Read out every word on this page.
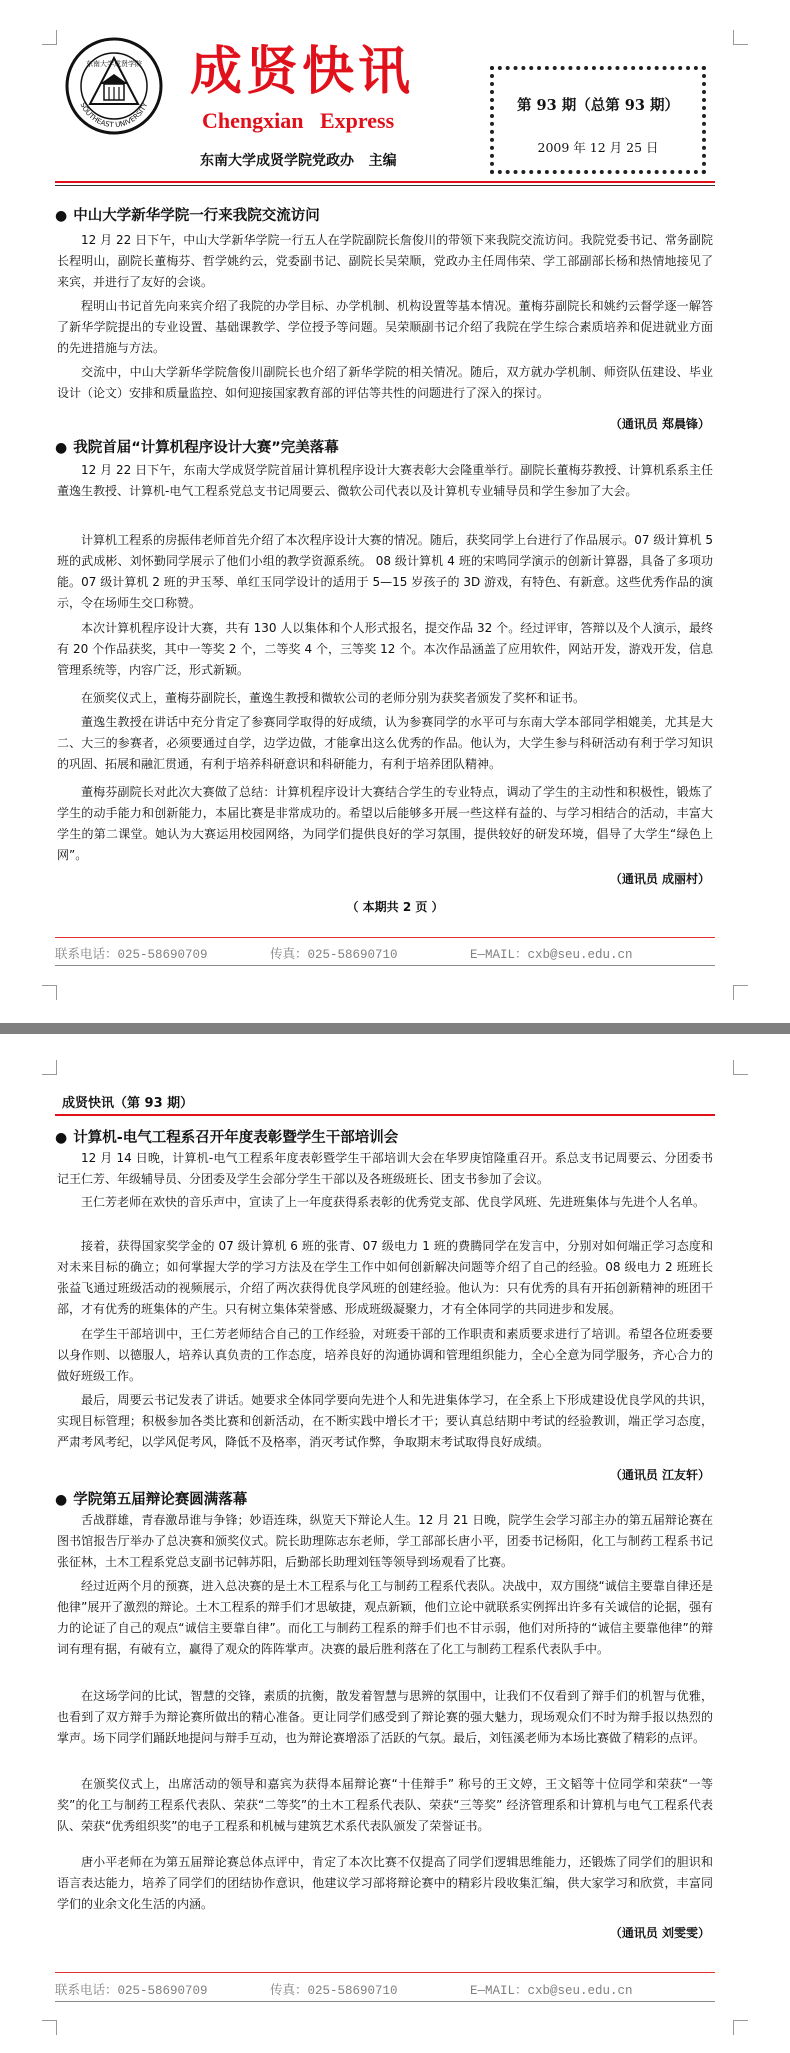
SOUTHEAST UNIVERSITY
东南大学成贤学院 成贤快讯
Chengxian   Express
东南大学成贤学院党政办   主编
第 93 期（总第 93 期）
2009 年 12 月 25 日
● 中山大学新华学院一行来我院交流访问

12 月 22 日下午，中山大学新华学院一行五人在学院副院长詹俊川的带领下来我院交流访问。我院党委书记、常务副院长程明山，副院长董梅芬、哲学姚约云，党委副书记、副院长吴荣顺，党政办主任周伟荣、学工部副部长杨和热情地接见了来宾，并进行了友好的会谈。

程明山书记首先向来宾介绍了我院的办学目标、办学机制、机构设置等基本情况。董梅芬副院长和姚约云督学逐一解答了新华学院提出的专业设置、基础课教学、学位授予等问题。吴荣顺副书记介绍了我院在学生综合素质培养和促进就业方面的先进措施与方法。

交流中，中山大学新华学院詹俊川副院长也介绍了新华学院的相关情况。随后，双方就办学机制、师资队伍建设、毕业设计（论文）安排和质量监控、如何迎接国家教育部的评估等共性的问题进行了深入的探讨。

（通讯员 郑晨锋）
● 我院首届“计算机程序设计大赛”完美落幕

12 月 22 日下午，东南大学成贤学院首届计算机程序设计大赛表彰大会隆重举行。副院长董梅芬教授、计算机系系主任董逸生教授、计算机-电气工程系党总支书记周要云、微软公司代表以及计算机专业辅导员和学生参加了大会。

计算机工程系的房振伟老师首先介绍了本次程序设计大赛的情况。随后，获奖同学上台进行了作品展示。07 级计算机 5 班的武成彬、刘怀勤同学展示了他们小组的教学资源系统。 08 级计算机 4 班的宋鸣同学演示的创新计算器，具备了多项功能。07 级计算机 2 班的尹玉琴、单红玉同学设计的适用于 5—15 岁孩子的 3D 游戏，有特色、有新意。这些优秀作品的演示，令在场师生交口称赞。

本次计算机程序设计大赛，共有 130 人以集体和个人形式报名，提交作品 32 个。经过评审，答辩以及个人演示，最终有 20 个作品获奖，其中一等奖 2 个，二等奖 4 个，三等奖 12 个。本次作品涵盖了应用软件，网站开发，游戏开发，信息管理系统等，内容广泛，形式新颖。

在颁奖仪式上，董梅芬副院长，董逸生教授和微软公司的老师分别为获奖者颁发了奖杯和证书。

董逸生教授在讲话中充分肯定了参赛同学取得的好成绩，认为参赛同学的水平可与东南大学本部同学相媲美，尤其是大二、大三的参赛者，必须要通过自学，边学边做，才能拿出这么优秀的作品。他认为，大学生参与科研活动有利于学习知识的巩固、拓展和融汇贯通，有利于培养科研意识和科研能力，有利于培养团队精神。

董梅芬副院长对此次大赛做了总结：计算机程序设计大赛结合学生的专业特点，调动了学生的主动性和积极性，锻炼了学生的动手能力和创新能力，本届比赛是非常成功的。希望以后能够多开展一些这样有益的、与学习相结合的活动，丰富大学生的第二课堂。她认为大赛运用校园网络，为同学们提供良好的学习氛围，提供较好的研发环境，倡导了大学生“绿色上网”。

（通讯员 成丽村）
（ 本期共 2 页 ）
联系电话：025-58690709	传真：025-58690710	E—MAIL：cxb@seu.edu.cn
成贤快讯（第 93 期）
● 计算机-电气工程系召开年度表彰暨学生干部培训会

12 月 14 日晚，计算机-电气工程系年度表彰暨学生干部培训大会在华罗庚馆隆重召开。系总支书记周要云、分团委书记王仁芳、年级辅导员、分团委及学生会部分学生干部以及各班级班长、团支书参加了会议。

王仁芳老师在欢快的音乐声中，宣读了上一年度获得系表彰的优秀党支部、优良学风班、先进班集体与先进个人名单。

接着，获得国家奖学金的 07 级计算机 6 班的张青、07 级电力 1 班的费腾同学在发言中，分别对如何端正学习态度和对未来目标的确立；如何掌握大学的学习方法及在学生工作中如何创新解决问题等介绍了自己的经验。08 级电力 2 班班长张益飞通过班级活动的视频展示，介绍了两次获得优良学风班的创建经验。他认为：只有优秀的具有开拓创新精神的班团干部，才有优秀的班集体的产生。只有树立集体荣誉感、形成班级凝聚力，才有全体同学的共同进步和发展。

在学生干部培训中，王仁芳老师结合自己的工作经验，对班委干部的工作职责和素质要求进行了培训。希望各位班委要以身作则、以德服人，培养认真负责的工作态度，培养良好的沟通协调和管理组织能力，全心全意为同学服务，齐心合力的做好班级工作。

最后，周要云书记发表了讲话。她要求全体同学要向先进个人和先进集体学习，在全系上下形成建设优良学风的共识，实现目标管理；积极参加各类比赛和创新活动，在不断实践中增长才干；要认真总结期中考试的经验教训，端正学习态度，严肃考风考纪，以学风促考风，降低不及格率，消灭考试作弊，争取期末考试取得良好成绩。

（通讯员 江友轩）
● 学院第五届辩论赛圆满落幕

舌战群雄，青春激昂谁与争锋；妙语连珠，纵览天下辩论人生。12 月 21 日晚，院学生会学习部主办的第五届辩论赛在图书馆报告厅举办了总决赛和颁奖仪式。院长助理陈志东老师，学工部部长唐小平，团委书记杨阳，化工与制药工程系书记张征林，土木工程系党总支副书记韩苏阳，后勤部长助理刘钰等领导到场观看了比赛。

经过近两个月的预赛，进入总决赛的是土木工程系与化工与制药工程系代表队。决战中，双方围绕“诚信主要靠自律还是他律”展开了激烈的辩论。土木工程系的辩手们才思敏捷，观点新颖，他们立论中就联系实例挥出许多有关诚信的论据，强有力的论证了自己的观点“诚信主要靠自律”。而化工与制药工程系的辩手们也不甘示弱，他们对所持的“诚信主要靠他律”的辩词有理有据，有破有立，赢得了观众的阵阵掌声。决赛的最后胜利落在了化工与制药工程系代表队手中。

在这场学问的比试，智慧的交锋，素质的抗衡，散发着智慧与思辨的氛围中，让我们不仅看到了辩手们的机智与优雅，也看到了双方辩手为辩论赛所做出的精心准备。更让同学们感受到了辩论赛的强大魅力，现场观众们不时为辩手报以热烈的掌声。场下同学们踊跃地提问与辩手互动，也为辩论赛增添了活跃的气氛。最后，刘钰溪老师为本场比赛做了精彩的点评。

在颁奖仪式上，出席活动的领导和嘉宾为获得本届辩论赛“十佳辩手” 称号的王文婷，王文韬等十位同学和荣获“一等奖”的化工与制药工程系代表队、荣获“二等奖”的土木工程系代表队、荣获“三等奖” 经济管理系和计算机与电气工程系代表队、荣获“优秀组织奖”的电子工程系和机械与建筑艺术系代表队颁发了荣誉证书。

唐小平老师在为第五届辩论赛总体点评中，肯定了本次比赛不仅提高了同学们逻辑思维能力，还锻炼了同学们的胆识和语言表达能力，培养了同学们的团结协作意识，他建议学习部将辩论赛中的精彩片段收集汇编，供大家学习和欣赏，丰富同学们的业余文化生活的内涵。

（通讯员 刘雯雯）
联系电话：025-58690709	传真：025-58690710	E—MAIL：cxb@seu.edu.cn
